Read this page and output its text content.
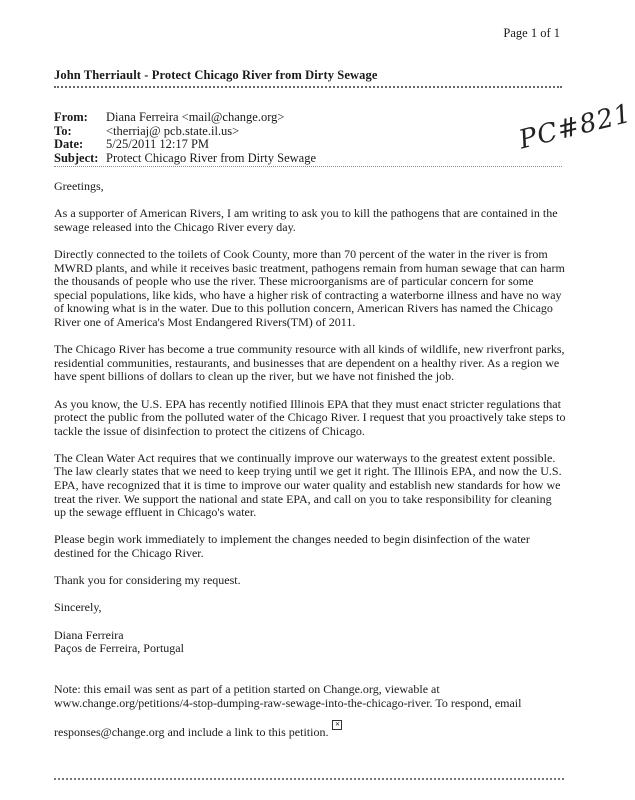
Page 1 of 1
John Therriault - Protect Chicago River from Dirty Sewage
From:	Diana Ferreira <mail@change.org>
To:	<therriaj@ pcb.state.il.us>
Date:	5/25/2011 12:17 PM
Subject: Protect Chicago River from Dirty Sewage
PC#821

Greetings,

As a supporter of American Rivers, I am writing to ask you to kill the pathogens that are contained in the sewage released into the Chicago River every day.

Directly connected to the toilets of Cook County, more than 70 percent of the water in the river is from MWRD plants, and while it receives basic treatment, pathogens remain from human sewage that can harm the thousands of people who use the river. These microorganisms are of particular concern for some special populations, like kids, who have a higher risk of contracting a waterborne illness and have no way of knowing what is in the water. Due to this pollution concern, American Rivers has named the Chicago River one of America's Most Endangered Rivers(TM) of 2011.

The Chicago River has become a true community resource with all kinds of wildlife, new riverfront parks, residential communities, restaurants, and businesses that are dependent on a healthy river. As a region we have spent billions of dollars to clean up the river, but we have not finished the job.

As you know, the U.S. EPA has recently notified Illinois EPA that they must enact stricter regulations that protect the public from the polluted water of the Chicago River. I request that you proactively take steps to tackle the issue of disinfection to protect the citizens of Chicago.

The Clean Water Act requires that we continually improve our waterways to the greatest extent possible. The law clearly states that we need to keep trying until we get it right. The Illinois EPA, and now the U.S. EPA, have recognized that it is time to improve our water quality and establish new standards for how we treat the river. We support the national and state EPA, and call on you to take responsibility for cleaning up the sewage effluent in Chicago's water.

Please begin work immediately to implement the changes needed to begin disinfection of the water destined for the Chicago River.

Thank you for considering my request.

Sincerely,

Diana Ferreira
Paços de Ferreira, Portugal

Note: this email was sent as part of a petition started on Change.org, viewable at

www.change.org/petitions/4-stop-dumping-raw-sewage-into-the-chicago-river. To respond, email

responses@change.org and include a link to this petition. ✕
